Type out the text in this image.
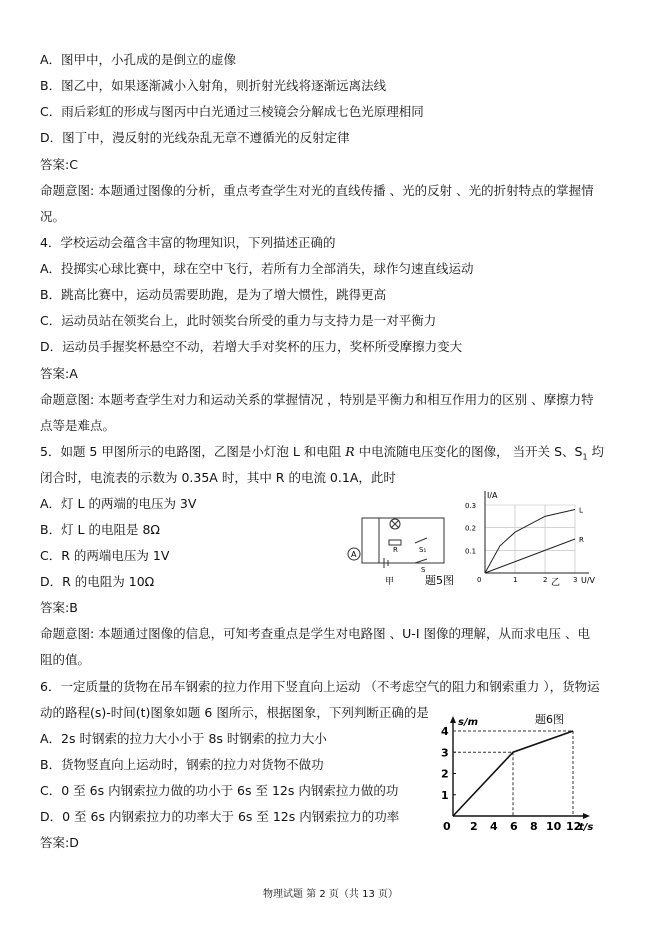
A．图甲中，小孔成的是倒立的虚像
B．图乙中，如果逐渐减小入射角，则折射光线将逐渐远离法线
C．雨后彩虹的形成与图丙中白光通过三棱镜会分解成七色光原理相同
D．图丁中，漫反射的光线杂乱无章不遵循光的反射定律
答案:C
命题意图: 本题通过图像的分析，重点考查学生对光的直线传播 、光的反射 、光的折射特点的掌握情
况。
4．学校运动会蕴含丰富的物理知识，下列描述正确的
A．投掷实心球比赛中，球在空中飞行，若所有力全部消失，球作匀速直线运动
B．跳高比赛中，运动员需要助跑，是为了增大惯性，跳得更高
C．运动员站在领奖台上，此时领奖台所受的重力与支持力是一对平衡力
D．运动员手握奖杯悬空不动，若增大手对奖杯的压力，奖杯所受摩擦力变大
答案:A
命题意图: 本题考查学生对力和运动关系的掌握情况 ，特别是平衡力和相互作用力的区别 、摩擦力特
点等是难点。
5．如题 5 甲图所示的电路图，乙图是小灯泡 L 和电阻 R 中电流随电压变化的图像， 当开关 S、$S_1$ 均
闭合时，电流表的示数为 0.35A 时，其中 R 的电流 0.1A，此时
A．灯 L 的两端的电压为 3V
B．灯 L 的电阻是 8Ω
C．R 的两端电压为 1V
D．R 的电阻为 10Ω
答案:B
命题意图: 本题通过图像的信息，可知考查重点是学生对电路图 、U-I 图像的理解，从而求电压 、电
阻的值。
A	R	S₁
S
甲	题5图
I/A
U/V
0.3
0.2
0.1
1	2	3
0
L
R
乙
6．一定质量的货物在吊车钢索的拉力作用下竖直向上运动 （不考虑空气的阻力和钢索重力 ），货物运
动的路程(s)-时间(t)图象如题 6 图所示，根据图象，下列判断正确的是
A．2s 时钢索的拉力大小小于 8s 时钢索的拉力大小
B．货物竖直向上运动时，钢索的拉力对货物不做功
C．0 至 6s 内钢索拉力做的功小于 6s 至 12s 内钢索拉力做的功
D．0 至 6s 内钢索拉力的功率大于 6s 至 12s 内钢索拉力的功率
答案:D
题6图
s/m
t/s
1
2
3
4
0 2 4 6 8 10 12
物理试题 第 2 页（共 13 页）
